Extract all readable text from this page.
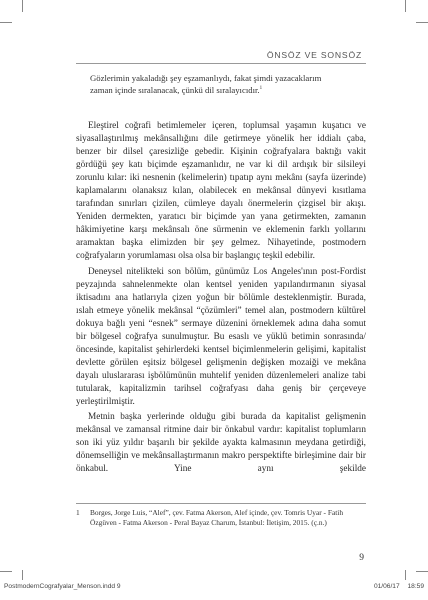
ÖNSÖZ VE SONSÖZ
Gözlerimin yakaladığı şey eşzamanlıydı, fakat şimdi yazacaklarım
zaman içinde sıralanacak, çünkü dil sıralayıcıdır.$^1$

Eleştirel coğrafi betimlemeler içeren, toplumsal yaşamın kuşatıcı ve siyasallaştırılmış mekânsallığını dile getirmeye yönelik her iddialı çaba, benzer bir dilsel çaresizliğe gebedir. Kişinin coğrafyalara baktığı vakit gördüğü şey katı biçimde eşzamanlıdır, ne var ki dil ardışık bir silsileyi zorunlu kılar: iki nesnenin (kelimelerin) tıpatıp aynı mekânı (sayfa üzerinde) kaplamalarını olanaksız kılan, olabilecek en mekânsal dünyevi kısıtlama tarafından sınırları çizilen, cümleye dayalı önermelerin çizgisel bir akışı. Yeniden dermekten, yaratıcı bir biçimde yan yana getirmekten, zamanın hâkimiyetine karşı mekânsalı öne sürmenin ve eklemenin farklı yollarını aramaktan başka elimizden bir şey gelmez. Nihayetinde, postmodern coğrafyaların yorumlaması olsa olsa bir başlangıç teşkil edebilir.

Deneysel nitelikteki son bölüm, günümüz Los Angeles'ının post-Fordist peyzajında sahnelenmekte olan kentsel yeniden yapılandırmanın siyasal iktisadını ana hatlarıyla çizen yoğun bir bölümle desteklenmiştir. Burada, ıslah etmeye yönelik mekânsal “çözümleri” temel alan, postmodern kültürel dokuya bağlı yeni “esnek” sermaye düzenini örneklemek adına daha somut bir bölgesel coğrafya sunulmuştur. Bu esaslı ve yüklü betimin sonrasında/öncesinde, kapitalist şehirlerdeki kentsel biçimlenmelerin gelişimi, kapitalist devlette görülen eşitsiz bölgesel gelişmenin değişken mozaiği ve mekâna dayalı uluslararası işbölümünün muhtelif yeniden düzenlemeleri analize tabi tutularak, kapitalizmin tarihsel coğrafyası daha geniş bir çerçeveye yerleştirilmiştir.

Metnin başka yerlerinde olduğu gibi burada da kapitalist gelişmenin mekânsal ve zamansal ritmine dair bir önkabul vardır: kapitalist toplumların son iki yüz yıldır başarılı bir şekilde ayakta kalmasının meydana getirdiği, dönemselliğin ve mekânsallaştırmanın makro perspektifte birleşimine dair bir önkabul. Yine aynı şekilde

1 Borges, Jorge Luis, “Alef”, çev. Fatma Akerson, Alef içinde, çev. Tomris Uyar - Fatih
Özgüven - Fatma Akerson - Peral Bayaz Charum, İstanbul: İletişim, 2015. (ç.n.)
9
PostmodernCografyalar_Menson.indd 9	01/06/17 18:59
